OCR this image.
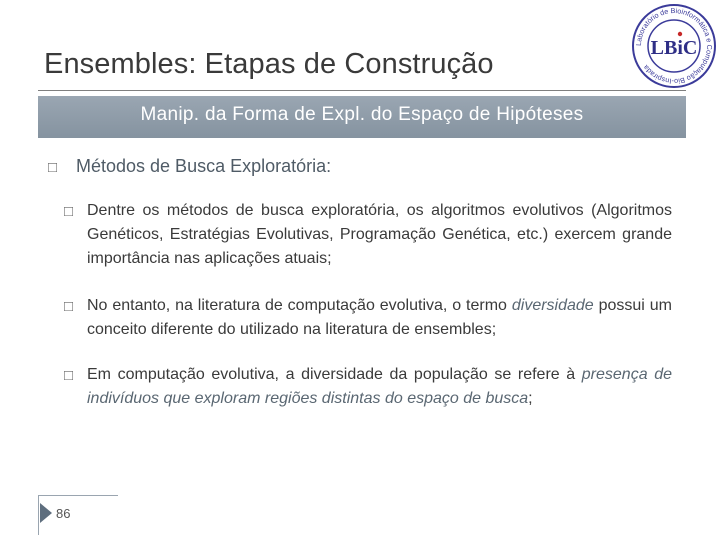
Ensembles: Etapas de Construção
Laboratório de Bioinformática e Computação Bio-Inspirada
LBiC
Manip. da Forma de Expl. do Espaço de Hipóteses
□ Métodos de Busca Exploratória:
□ Dentre os métodos de busca exploratória, os algoritmos evolutivos (Algoritmos Genéticos, Estratégias Evolutivas, Programação Genética, etc.) exercem grande importância nas aplicações atuais;
□ No entanto, na literatura de computação evolutiva, o termo diversidade possui um conceito diferente do utilizado na literatura de ensembles;
□ Em computação evolutiva, a diversidade da população se refere à presença de indivíduos que exploram regiões distintas do espaço de busca;
86
